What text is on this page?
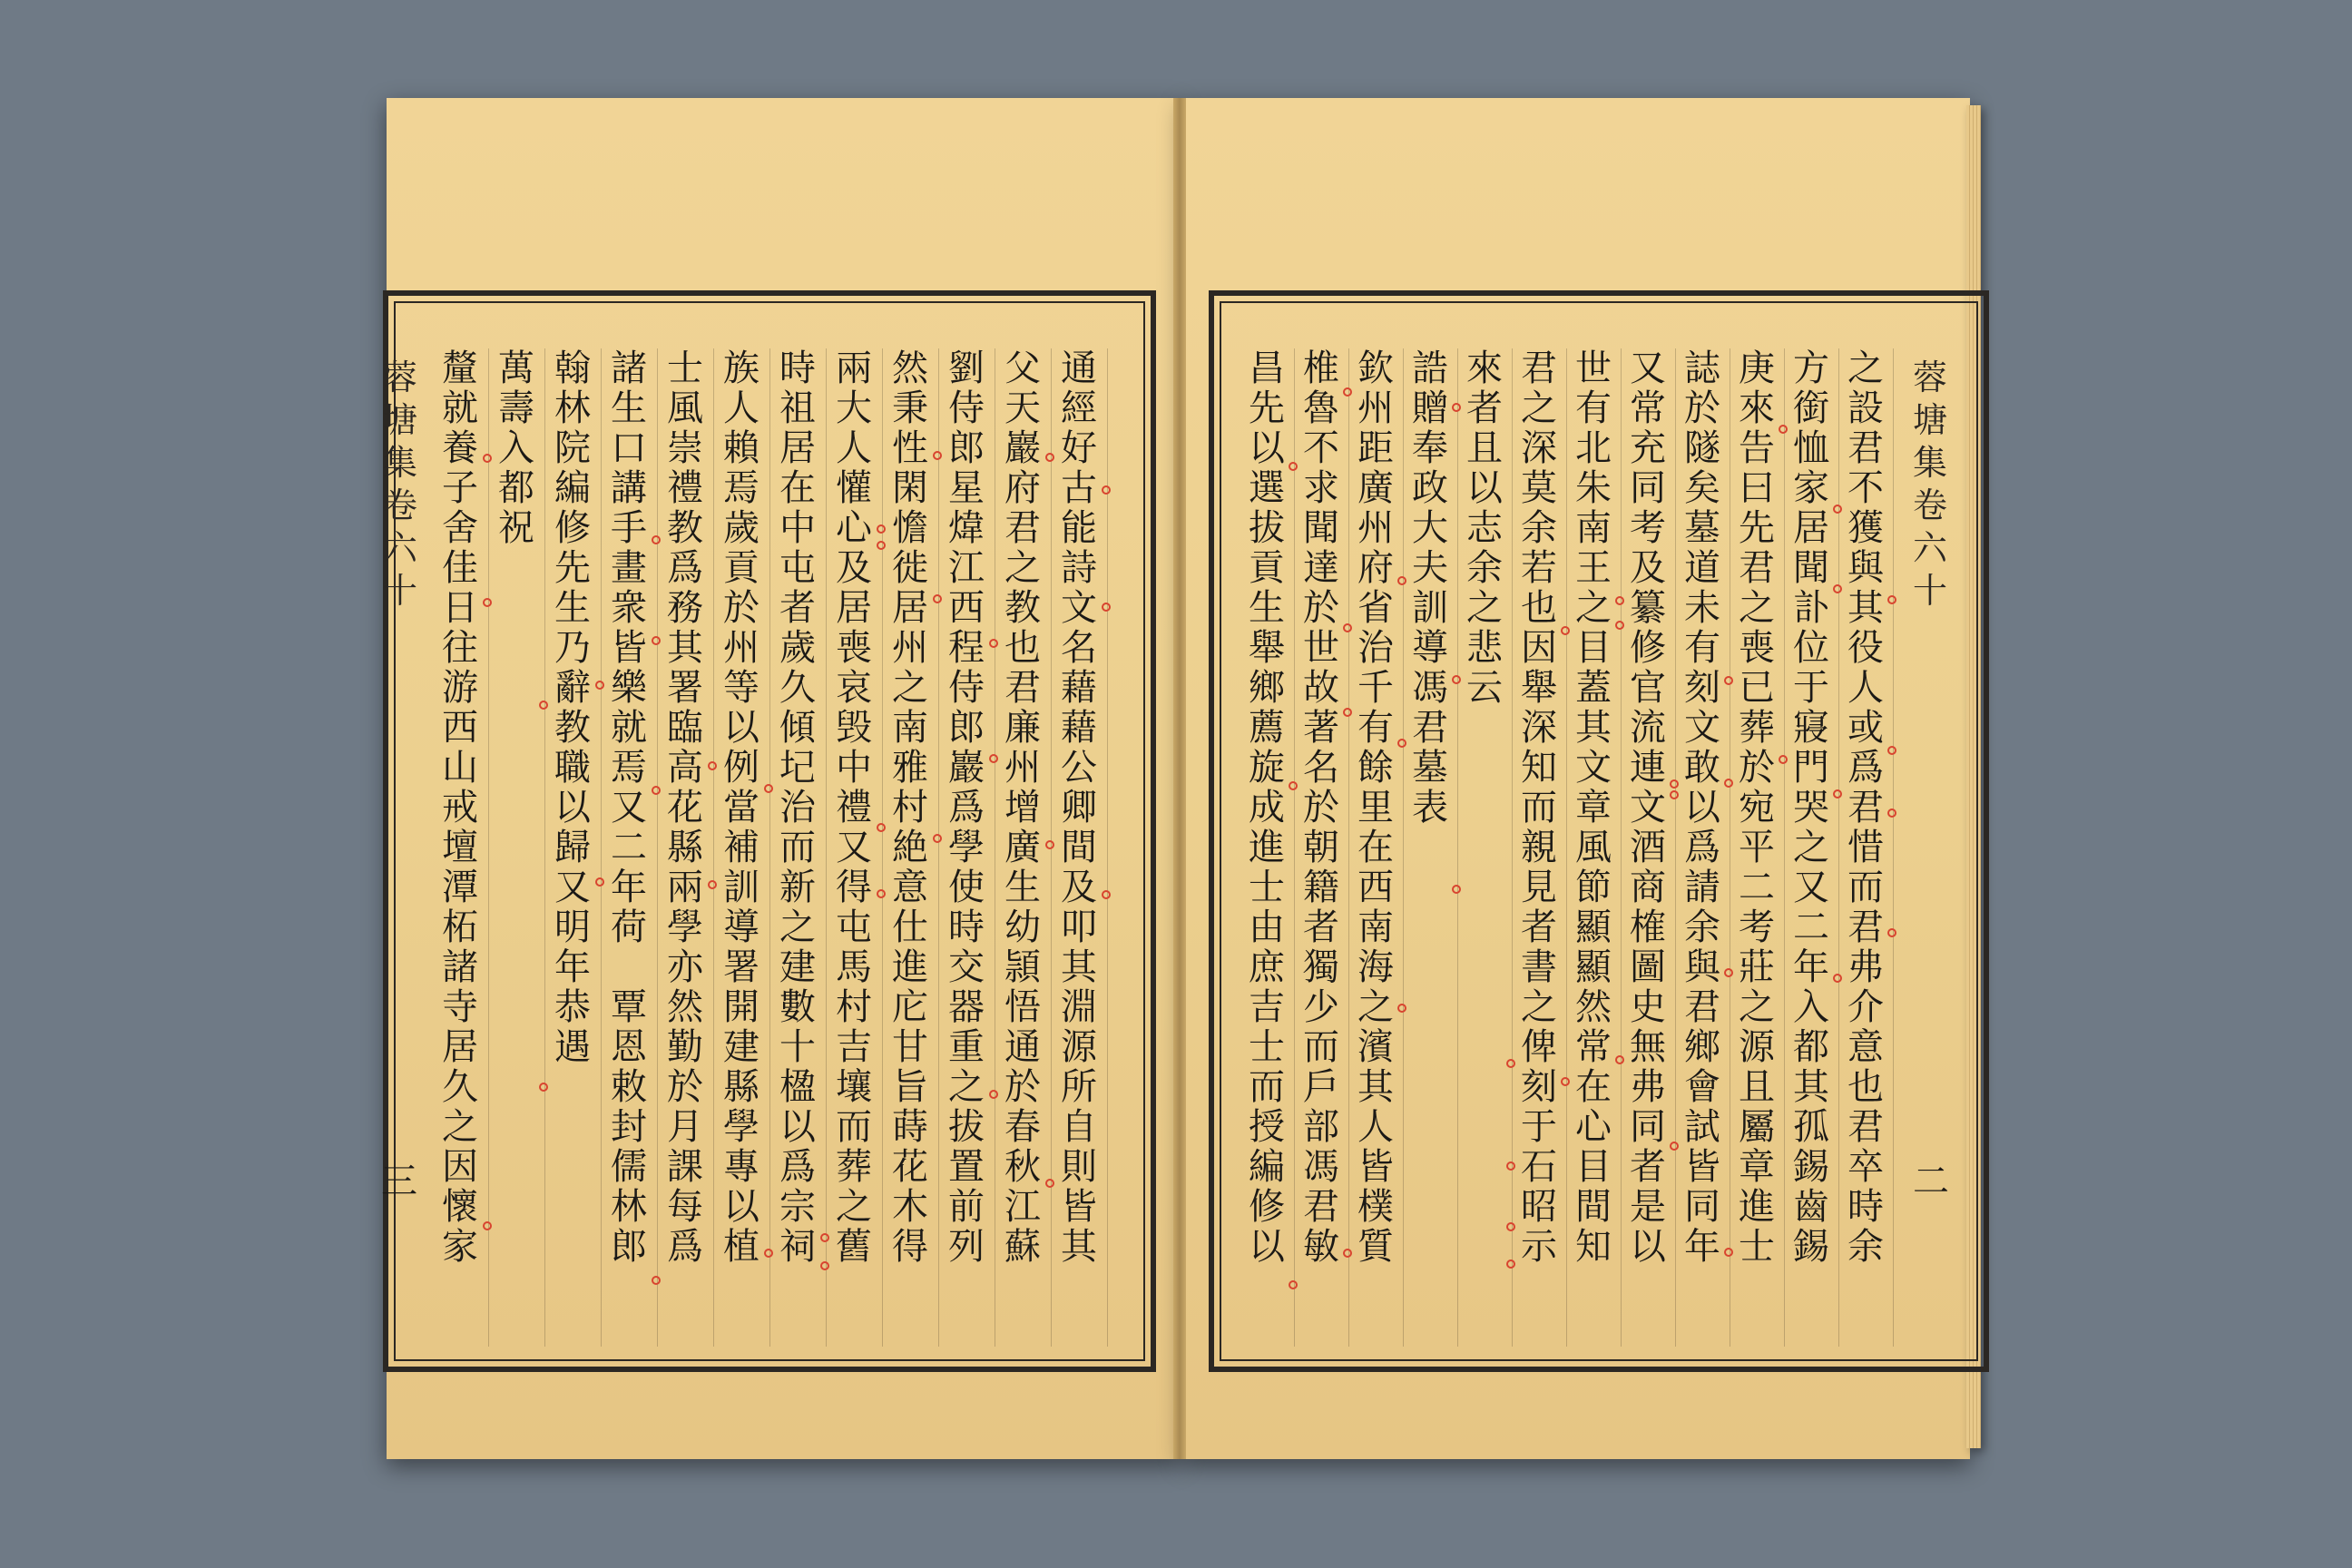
蓉
塘
集
卷
六
十
三
蓉
塘
集
卷
六
十
二
通
經
好
古
能
詩
文
名
藉
藉
公
卿
間
及
叩
其
淵
源
所
自
則
皆
其
父
天
巖
府
君
之
教
也
君
廉
州
增
廣
生
幼
頴
悟
通
於
春
秋
江
蘇
劉
侍
郎
星
煒
江
西
程
侍
郎
巖
爲
學
使
時
交
器
重
之
拔
置
前
列
然
秉
性
閑
憺
徙
居
州
之
南
雅
村
絶
意
仕
進
庀
甘
旨
蒔
花
木
得
兩
大
人
懽
心
及
居
喪
哀
毁
中
禮
又
得
屯
馬
村
吉
壤
而
葬
之
舊
時
祖
居
在
中
屯
者
歲
久
傾
圮
治
而
新
之
建
數
十
楹
以
爲
宗
祠
族
人
賴
焉
歲
貢
於
州
等
以
例
當
補
訓
導
署
開
建
縣
學
專
以
植
士
風
崇
禮
教
爲
務
其
署
臨
高
花
縣
兩
學
亦
然
勤
於
月
課
每
爲
諸
生
口
講
手
畫
衆
皆
樂
就
焉
又
二
年
荷

覃
恩
敕
封
儒
林
郎
翰
林
院
編
修
先
生
乃
辭
教
職
以
歸
又
明
年
恭
遇
萬
壽
入
都
祝
釐
就
養
子
舍
佳
日
往
游
西
山
戒
壇
潭
柘
諸
寺
居
久
之
因
懷
家
之
設
君
不
獲
與
其
役
人
或
爲
君
惜
而
君
弗
介
意
也
君
卒
時
余
方
銜
恤
家
居
聞
訃
位
于
寢
門
哭
之
又
二
年
入
都
其
孤
錫
齒
錫
庚
來
告
曰
先
君
之
喪
已
葬
於
宛
平
二
考
莊
之
源
且
屬
章
進
士
誌
於
隧
矣
墓
道
未
有
刻
文
敢
以
爲
請
余
與
君
鄉
會
試
皆
同
年
又
常
充
同
考
及
纂
修
官
流
連
文
酒
商
榷
圖
史
無
弗
同
者
是
以
世
有
北
朱
南
王
之
目
蓋
其
文
章
風
節
顯
顯
然
常
在
心
目
間
知
君
之
深
莫
余
若
也
因
舉
深
知
而
親
見
者
書
之
俾
刻
于
石
昭
示
來
者
且
以
志
余
之
悲
云
誥
贈
奉
政
大
夫
訓
導
馮
君
墓
表
欽
州
距
廣
州
府
省
治
千
有
餘
里
在
西
南
海
之
濱
其
人
皆
樸
質
椎
魯
不
求
聞
達
於
世
故
著
名
於
朝
籍
者
獨
少
而
戶
部
馮
君
敏
昌
先
以
選
拔
貢
生
舉
鄉
薦
旋
成
進
士
由
庶
吉
士
而
授
編
修
以
